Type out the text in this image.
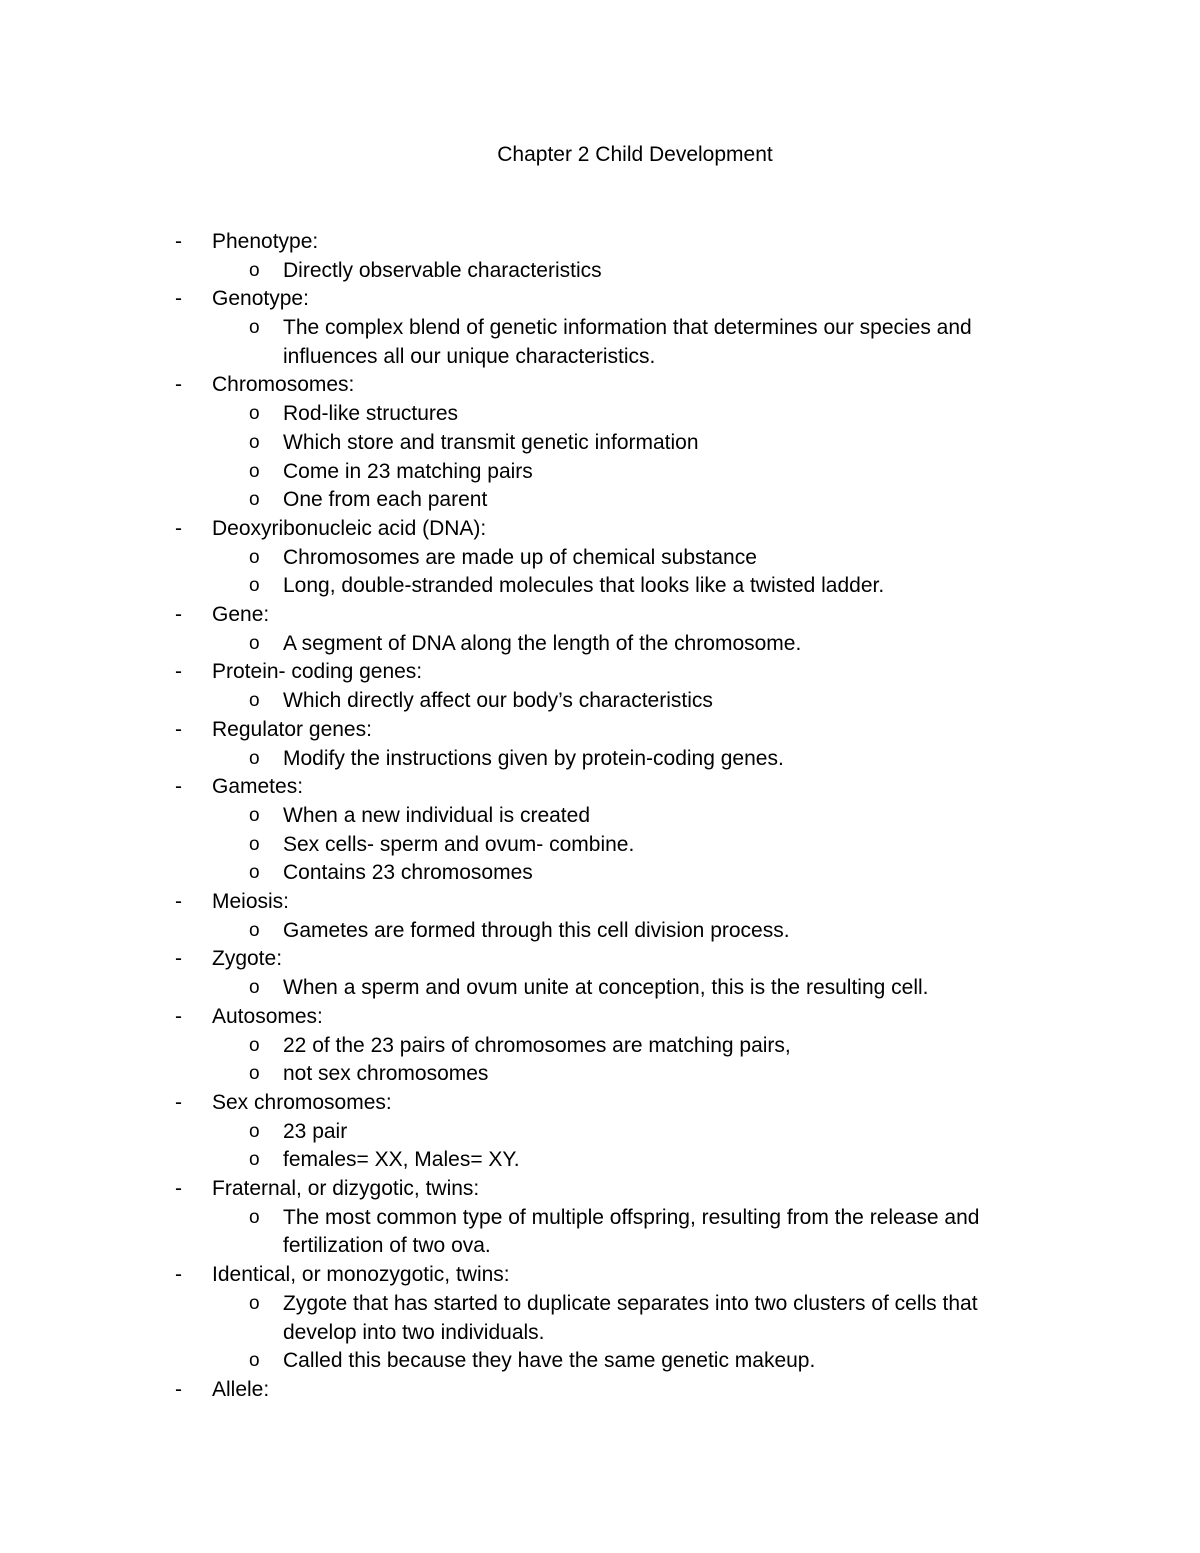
Chapter 2 Child Development
- Phenotype:
o Directly observable characteristics
- Genotype:
o The complex blend of genetic information that determines our species and influences all our unique characteristics.
- Chromosomes:
o Rod-like structures
o Which store and transmit genetic information
o Come in 23 matching pairs
o One from each parent
- Deoxyribonucleic acid (DNA):
o Chromosomes are made up of chemical substance
o Long, double-stranded molecules that looks like a twisted ladder.
- Gene:
o A segment of DNA along the length of the chromosome.
- Protein- coding genes:
o Which directly affect our body’s characteristics
- Regulator genes:
o Modify the instructions given by protein-coding genes.
- Gametes:
o When a new individual is created
o Sex cells- sperm and ovum- combine.
o Contains 23 chromosomes
- Meiosis:
o Gametes are formed through this cell division process.
- Zygote:
o When a sperm and ovum unite at conception, this is the resulting cell.
- Autosomes:
o 22 of the 23 pairs of chromosomes are matching pairs,
o not sex chromosomes
- Sex chromosomes:
o 23 pair
o females= XX, Males= XY.
- Fraternal, or dizygotic, twins:
o The most common type of multiple offspring, resulting from the release and fertilization of two ova.
- Identical, or monozygotic, twins:
o Zygote that has started to duplicate separates into two clusters of cells that develop into two individuals.
o Called this because they have the same genetic makeup.
- Allele:
